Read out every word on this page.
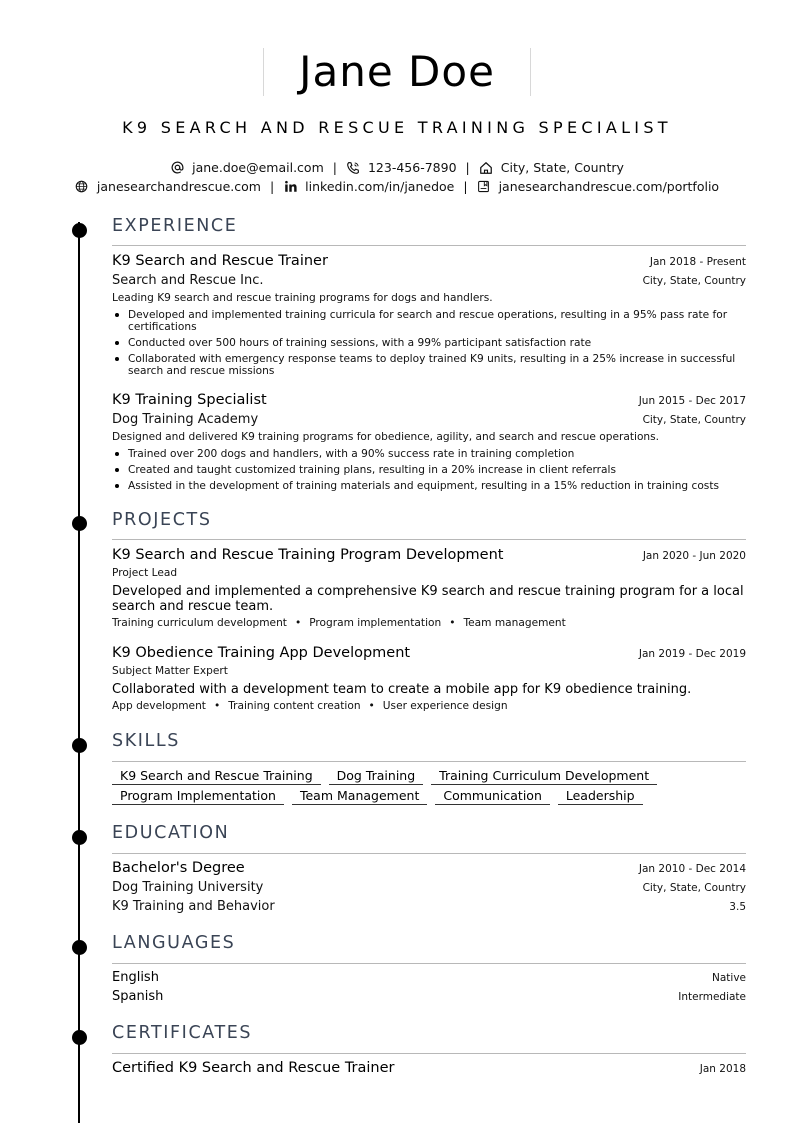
Jane Doe
K9 SEARCH AND RESCUE TRAINING SPECIALIST
jane.doe@email.com | 123-456-7890 | City, State, Country
janesearchandrescue.com | linkedin.com/in/janedoe | janesearchandrescue.com/portfolio
EXPERIENCE
K9 Search and Rescue Trainer	Jan 2018 - Present
Search and Rescue Inc.	City, State, Country
Leading K9 search and rescue training programs for dogs and handlers.
Developed and implemented training curricula for search and rescue operations, resulting in a 95% pass rate for certifications
Conducted over 500 hours of training sessions, with a 99% participant satisfaction rate
Collaborated with emergency response teams to deploy trained K9 units, resulting in a 25% increase in successful search and rescue missions
K9 Training Specialist	Jun 2015 - Dec 2017
Dog Training Academy	City, State, Country
Designed and delivered K9 training programs for obedience, agility, and search and rescue operations.
Trained over 200 dogs and handlers, with a 90% success rate in training completion
Created and taught customized training plans, resulting in a 20% increase in client referrals
Assisted in the development of training materials and equipment, resulting in a 15% reduction in training costs
PROJECTS
K9 Search and Rescue Training Program Development	Jan 2020 - Jun 2020
Project Lead
Developed and implemented a comprehensive K9 search and rescue training program for a local search and rescue team.
Training curriculum development • Program implementation • Team management
K9 Obedience Training App Development	Jan 2019 - Dec 2019
Subject Matter Expert
Collaborated with a development team to create a mobile app for K9 obedience training.
App development • Training content creation • User experience design
SKILLS
K9 Search and Rescue Training	Dog Training	Training Curriculum Development
Program Implementation	Team Management	Communication	Leadership
EDUCATION
Bachelor's Degree	Jan 2010 - Dec 2014
Dog Training University	City, State, Country
K9 Training and Behavior	3.5
LANGUAGES
English	Native
Spanish	Intermediate
CERTIFICATES
Certified K9 Search and Rescue Trainer	Jan 2018
